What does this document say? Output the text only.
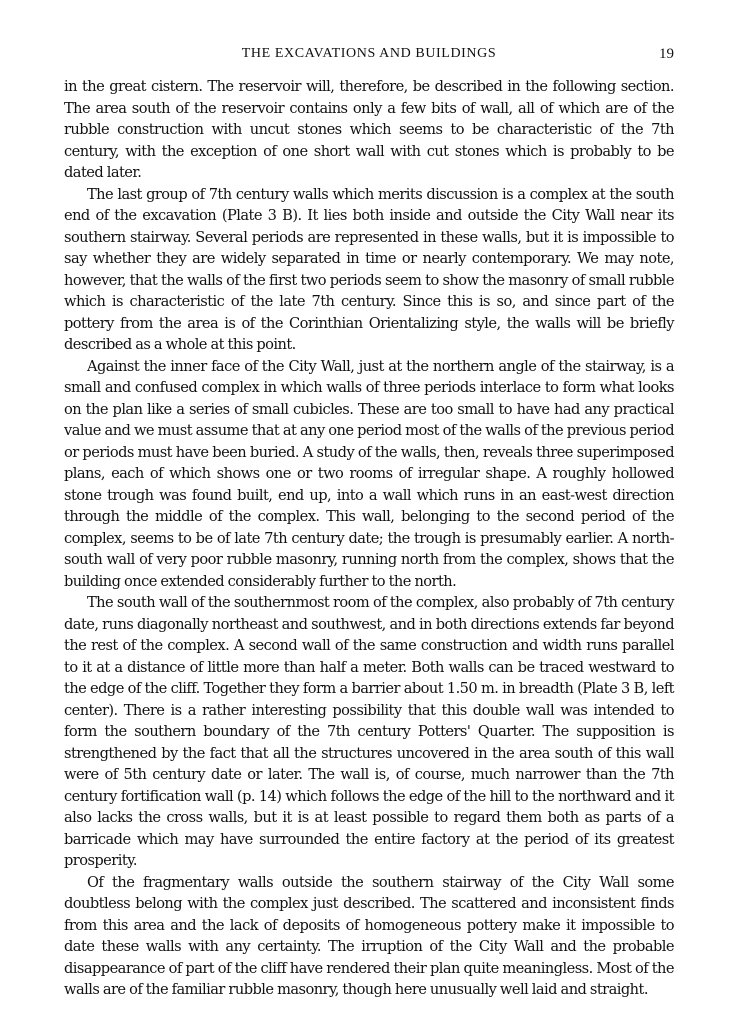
THE EXCAVATIONS AND BUILDINGS	19

in the great cistern. The reservoir will, therefore, be described in the following section. The area south of the reservoir contains only a few bits of wall, all of which are of the rubble construction with uncut stones which seems to be characteristic of the 7th century, with the exception of one short wall with cut stones which is probably to be dated later.

The last group of 7th century walls which merits discussion is a complex at the south end of the excavation (Plate 3 B). It lies both inside and outside the City Wall near its southern stairway. Several periods are represented in these walls, but it is impossible to say whether they are widely separated in time or nearly contemporary. We may note, however, that the walls of the first two periods seem to show the masonry of small rubble which is characteristic of the late 7th century. Since this is so, and since part of the pottery from the area is of the Corinthian Orientalizing style, the walls will be briefly described as a whole at this point.

Against the inner face of the City Wall, just at the northern angle of the stairway, is a small and confused complex in which walls of three periods interlace to form what looks on the plan like a series of small cubicles. These are too small to have had any practical value and we must assume that at any one period most of the walls of the previous period or periods must have been buried. A study of the walls, then, reveals three superimposed plans, each of which shows one or two rooms of irregular shape. A roughly hollowed stone trough was found built, end up, into a wall which runs in an east-west direction through the middle of the complex. This wall, belonging to the second period of the complex, seems to be of late 7th century date; the trough is presumably earlier. A north-south wall of very poor rubble masonry, running north from the complex, shows that the building once extended considerably further to the north.

The south wall of the southernmost room of the complex, also probably of 7th century date, runs diagonally northeast and southwest, and in both directions extends far beyond the rest of the complex. A second wall of the same construction and width runs parallel to it at a distance of little more than half a meter. Both walls can be traced westward to the edge of the cliff. Together they form a barrier about 1.50 m. in breadth (Plate 3 B, left center). There is a rather interesting possibility that this double wall was intended to form the southern boundary of the 7th century Potters' Quarter. The supposition is strengthened by the fact that all the structures uncovered in the area south of this wall were of 5th century date or later. The wall is, of course, much narrower than the 7th century fortification wall (p. 14) which follows the edge of the hill to the northward and it also lacks the cross walls, but it is at least possible to regard them both as parts of a barricade which may have surrounded the entire factory at the period of its greatest prosperity.

Of the fragmentary walls outside the southern stairway of the City Wall some doubtless belong with the complex just described. The scattered and inconsistent finds from this area and the lack of deposits of homogeneous pottery make it impossible to date these walls with any certainty. The irruption of the City Wall and the probable disappearance of part of the cliff have rendered their plan quite meaningless. Most of the walls are of the familiar rubble masonry, though here unusually well laid and straight.
